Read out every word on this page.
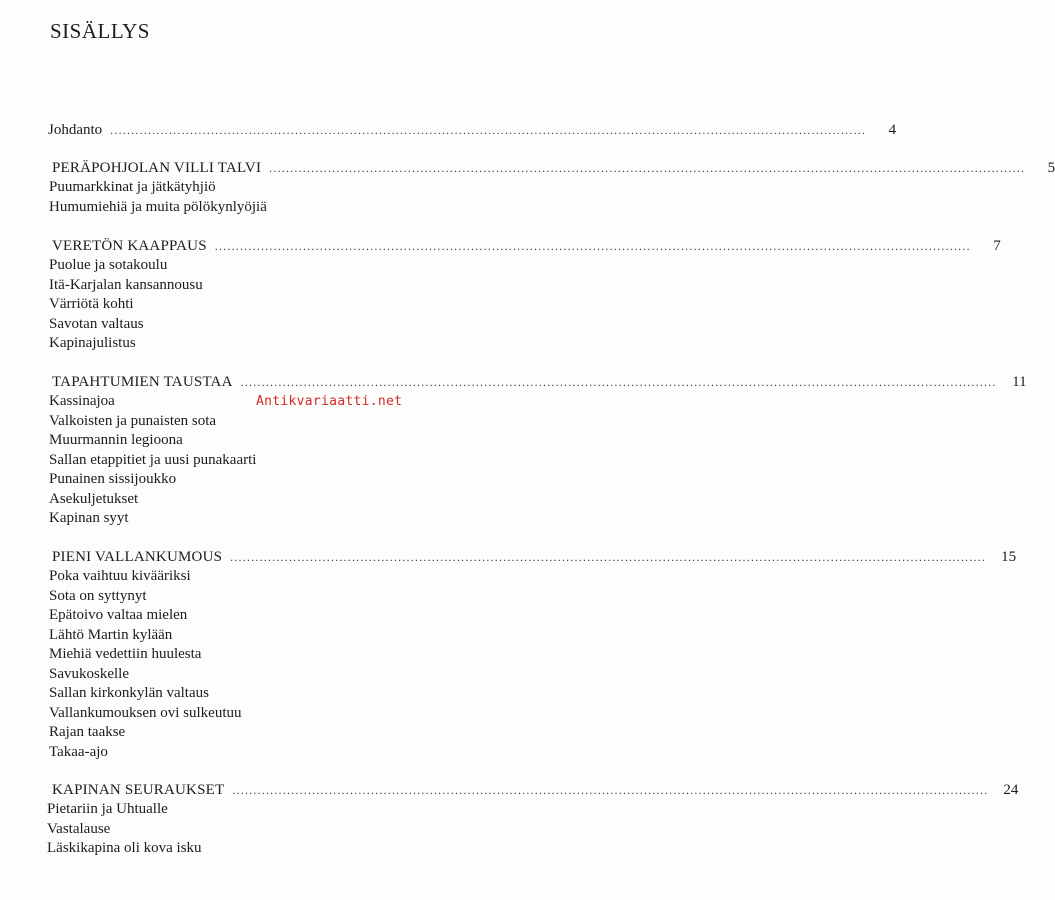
SISÄLLYS
Johdanto ....................................................................................................................................................................................	4
PERÄPOHJOLAN VILLI TALVI ....................................................................................................................................................................................	5
Puumarkkinat ja jätkätyhjiö
Humumiehiä ja muita pölökynlyöjiä
VERETÖN KAAPPAUS ....................................................................................................................................................................................	7
Puolue ja sotakoulu
Itä-Karjalan kansannousu
Värriötä kohti
Savotan valtaus
Kapinajulistus
TAPAHTUMIEN TAUSTAA ....................................................................................................................................................................................	11
Kassinajoa
Valkoisten ja punaisten sota
Muurmannin legioona
Sallan etappitiet ja uusi punakaarti
Punainen sissijoukko
Asekuljetukset
Kapinan syyt
PIENI VALLANKUMOUS ....................................................................................................................................................................................	15
Poka vaihtuu kivääriksi
Sota on syttynyt
Epätoivo valtaa mielen
Lähtö Martin kylään
Miehiä vedettiin huulesta
Savukoskelle
Sallan kirkonkylän valtaus
Vallankumouksen ovi sulkeutuu
Rajan taakse
Takaa-ajo
KAPINAN SEURAUKSET ....................................................................................................................................................................................	24
Pietariin ja Uhtualle
Vastalause
Läskikapina oli kova isku
Antikvariaatti.net
